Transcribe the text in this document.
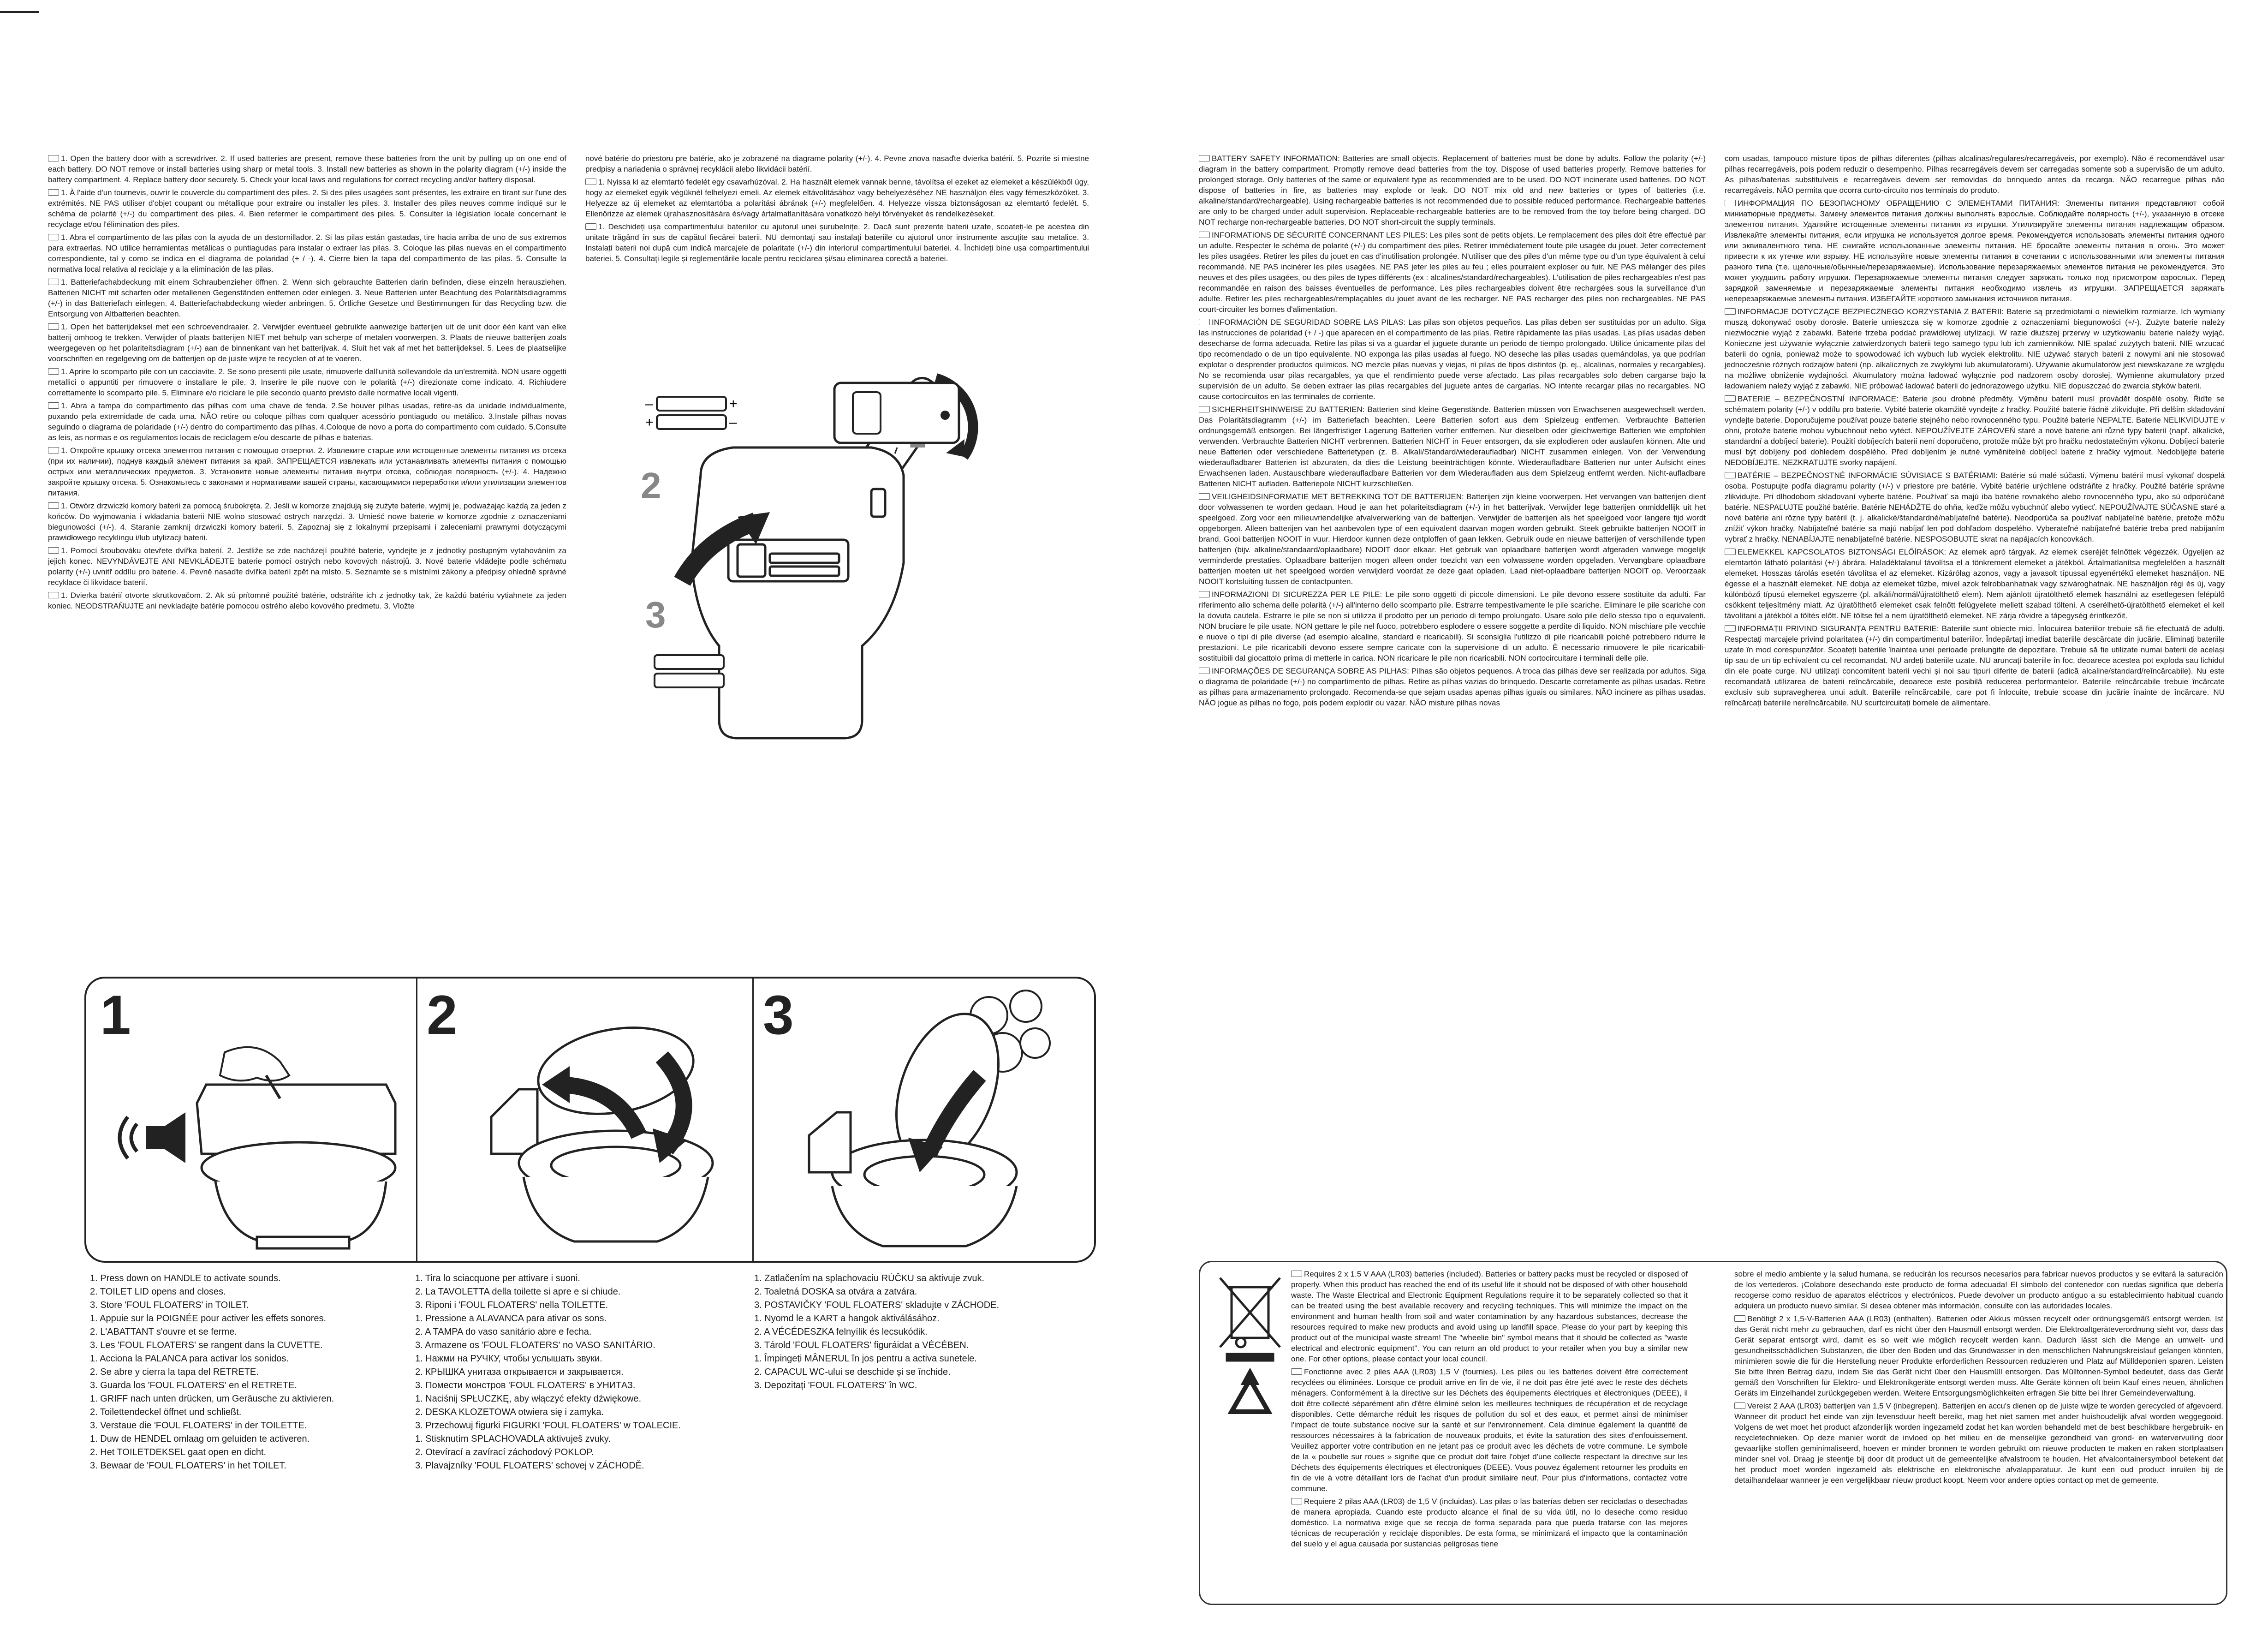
1. Open the battery door with a screwdriver. 2. If used batteries are present, remove these batteries from the unit by pulling up on one end of each battery. DO NOT remove or install batteries using sharp or metal tools. 3. Install new batteries as shown in the polarity diagram (+/-) inside the battery compartment. 4. Replace battery door securely. 5. Check your local laws and regulations for correct recycling and/or battery disposal.

1. À l'aide d'un tournevis, ouvrir le couvercle du compartiment des piles. 2. Si des piles usagées sont présentes, les extraire en tirant sur l'une des extrémités. NE PAS utiliser d'objet coupant ou métallique pour extraire ou installer les piles. 3. Installer des piles neuves comme indiqué sur le schéma de polarité (+/-) du compartiment des piles. 4. Bien refermer le compartiment des piles. 5. Consulter la législation locale concernant le recyclage et/ou l'élimination des piles.

1. Abra el compartimento de las pilas con la ayuda de un destornillador. 2. Si las pilas están gastadas, tire hacia arriba de uno de sus extremos para extraerlas. NO utilice herramientas metálicas o puntiagudas para instalar o extraer las pilas. 3. Coloque las pilas nuevas en el compartimento correspondiente, tal y como se indica en el diagrama de polaridad (+ / -). 4. Cierre bien la tapa del compartimento de las pilas. 5. Consulte la normativa local relativa al reciclaje y a la eliminación de las pilas.

1. Batteriefachabdeckung mit einem Schraubenzieher öffnen. 2. Wenn sich gebrauchte Batterien darin befinden, diese einzeln herausziehen. Batterien NICHT mit scharfen oder metallenen Gegenständen entfernen oder einlegen. 3. Neue Batterien unter Beachtung des Polaritätsdiagramms (+/-) in das Batteriefach einlegen. 4. Batteriefachabdeckung wieder anbringen. 5. Örtliche Gesetze und Bestimmungen für das Recycling bzw. die Entsorgung von Altbatterien beachten.

1. Open het batterijdeksel met een schroevendraaier. 2. Verwijder eventueel gebruikte aanwezige batterijen uit de unit door één kant van elke batterij omhoog te trekken. Verwijder of plaats batterijen NIET met behulp van scherpe of metalen voorwerpen. 3. Plaats de nieuwe batterijen zoals weergegeven op het polariteitsdiagram (+/-) aan de binnenkant van het batterijvak. 4. Sluit het vak af met het batterijdeksel. 5. Lees de plaatselijke voorschriften en regelgeving om de batterijen op de juiste wijze te recyclen of af te voeren.

1. Aprire lo scomparto pile con un cacciavite. 2. Se sono presenti pile usate, rimuoverle dall'unità sollevandole da un'estremità. NON usare oggetti metallici o appuntiti per rimuovere o installare le pile. 3. Inserire le pile nuove con le polarità (+/-) direzionate come indicato. 4. Richiudere correttamente lo scomparto pile. 5. Eliminare e/o riciclare le pile secondo quanto previsto dalle normative locali vigenti.

1. Abra a tampa do compartimento das pilhas com uma chave de fenda. 2.Se houver pilhas usadas, retire-as da unidade individualmente, puxando pela extremidade de cada uma. NÃO retire ou coloque pilhas com qualquer acessório pontiagudo ou metálico. 3.Instale pilhas novas seguindo o diagrama de polaridade (+/-) dentro do compartimento das pilhas. 4.Coloque de novo a porta do compartimento com cuidado. 5.Consulte as leis, as normas e os regulamentos locais de reciclagem e/ou descarte de pilhas e baterias.

1. Откройте крышку отсека элементов питания с помощью отвертки. 2. Извлеките старые или истощенные элементы питания из отсека (при их наличии), поднув каждый элемент питания за край. ЗАПРЕЩАЕТСЯ извлекать или устанавливать элементы питания с помощью острых или металлических предметов. 3. Установите новые элементы питания внутри отсека, соблюдая полярность (+/-). 4. Надежно закройте крышку отсека. 5. Ознакомьтесь с законами и нормативами вашей страны, касающимися переработки и/или утилизации элементов питания.

1. Otwórz drzwiczki komory baterii za pomocą śrubokręta. 2. Jeśli w komorze znajdują się zużyte baterie, wyjmij je, podważając każdą za jeden z końców. Do wyjmowania i wkładania baterii NIE wolno stosować ostrych narzędzi. 3. Umieść nowe baterie w komorze zgodnie z oznaczeniami biegunowości (+/-). 4. Staranie zamknij drzwiczki komory baterii. 5. Zapoznaj się z lokalnymi przepisami i zaleceniami prawnymi dotyczącymi prawidłowego recyklingu i/lub utylizacji baterii.

1. Pomocí šroubováku otevřete dvířka baterií. 2. Jestliže se zde nacházejí použité baterie, vyndejte je z jednotky postupným vytahováním za jejich konec. NEVYNDÁVEJTE ANI NEVKLÁDEJTE baterie pomocí ostrých nebo kovových nástrojů. 3. Nové baterie vkládejte podle schématu polarity (+/-) uvnitř oddílu pro baterie. 4. Pevně nasaďte dvířka baterií zpět na místo. 5. Seznamte se s místními zákony a předpisy ohledně správné recyklace či likvidace baterií.

1. Dvierka batérií otvorte skrutkovačom. 2. Ak sú prítomné použité batérie, odstráňte ich z jednotky tak, že každú batériu vytiahnete za jeden koniec. NEODSTRAŇUJTE ani nevkladajte batérie pomocou ostrého alebo kovového predmetu. 3. Vložte

nové batérie do priestoru pre batérie, ako je zobrazené na diagrame polarity (+/-). 4. Pevne znova nasaďte dvierka batérií. 5. Pozrite si miestne predpisy a nariadenia o správnej recyklácii alebo likvidácii batérií.

1. Nyissa ki az elemtartó fedelét egy csavarhúzóval. 2. Ha használt elemek vannak benne, távolítsa el ezeket az elemeket a készülékből úgy, hogy az elemeket egyik végüknél felhelyezi emeli. Az elemek eltávolításához vagy behelyezéséhez NE használjon éles vagy fémeszközöket. 3. Helyezze az új elemeket az elemtartóba a polaritási ábrának (+/-) megfelelően. 4. Helyezze vissza biztonságosan az elemtartó fedelét. 5. Ellenőrizze az elemek újrahasznosítására és/vagy ártalmatlanítására vonatkozó helyi törvényeket és rendelkezéseket.

1. Deschideți ușa compartimentului bateriilor cu ajutorul unei șurubelnițe. 2. Dacă sunt prezente baterii uzate, scoateți-le pe acestea din unitate trăgând în sus de capătul fiecărei baterii. NU demontați sau instalați bateriile cu ajutorul unor instrumente ascuțite sau metalice. 3. Instalați baterii noi după cum indică marcajele de polaritate (+/-) din interiorul compartimentului bateriei. 4. Închideți bine ușa compartimentului bateriei. 5. Consultați legile și reglementările locale pentru reciclarea și/sau eliminarea corectă a bateriei.

–	+
+	–
2
3

BATTERY SAFETY INFORMATION: Batteries are small objects. Replacement of batteries must be done by adults. Follow the polarity (+/-) diagram in the battery compartment. Promptly remove dead batteries from the toy. Dispose of used batteries properly. Remove batteries for prolonged storage. Only batteries of the same or equivalent type as recommended are to be used. DO NOT incinerate used batteries. DO NOT dispose of batteries in fire, as batteries may explode or leak. DO NOT mix old and new batteries or types of batteries (i.e. alkaline/standard/rechargeable). Using rechargeable batteries is not recommended due to possible reduced performance. Rechargeable batteries are only to be charged under adult supervision. Replaceable-rechargeable batteries are to be removed from the toy before being charged. DO NOT recharge non-rechargeable batteries. DO NOT short-circuit the supply terminals.

INFORMATIONS DE SÉCURITÉ CONCERNANT LES PILES: Les piles sont de petits objets. Le remplacement des piles doit être effectué par un adulte. Respecter le schéma de polarité (+/-) du compartiment des piles. Retirer immédiatement toute pile usagée du jouet. Jeter correctement les piles usagées. Retirer les piles du jouet en cas d'inutilisation prolongée. N'utiliser que des piles d'un même type ou d'un type équivalent à celui recommandé. NE PAS incinérer les piles usagées. NE PAS jeter les piles au feu ; elles pourraient exploser ou fuir. NE PAS mélanger des piles neuves et des piles usagées, ou des piles de types différents (ex : alcalines/standard/rechargeables). L'utilisation de piles rechargeables n'est pas recommandée en raison des baisses éventuelles de performance. Les piles rechargeables doivent être rechargées sous la surveillance d'un adulte. Retirer les piles rechargeables/remplaçables du jouet avant de les recharger. NE PAS recharger des piles non rechargeables. NE PAS court-circuiter les bornes d'alimentation.

INFORMACIÓN DE SEGURIDAD SOBRE LAS PILAS: Las pilas son objetos pequeños. Las pilas deben ser sustituidas por un adulto. Siga las instrucciones de polaridad (+ / -) que aparecen en el compartimento de las pilas. Retire rápidamente las pilas usadas. Las pilas usadas deben desecharse de forma adecuada. Retire las pilas si va a guardar el juguete durante un periodo de tiempo prolongado. Utilice únicamente pilas del tipo recomendado o de un tipo equivalente. NO exponga las pilas usadas al fuego. NO deseche las pilas usadas quemándolas, ya que podrían explotar o desprender productos químicos. NO mezcle pilas nuevas y viejas, ni pilas de tipos distintos (p. ej., alcalinas, normales y recargables). No se recomienda usar pilas recargables, ya que el rendimiento puede verse afectado. Las pilas recargables solo deben cargarse bajo la supervisión de un adulto. Se deben extraer las pilas recargables del juguete antes de cargarlas. NO intente recargar pilas no recargables. NO cause cortocircuitos en las terminales de corriente.

SICHERHEITSHINWEISE ZU BATTERIEN: Batterien sind kleine Gegenstände. Batterien müssen von Erwachsenen ausgewechselt werden. Das Polaritätsdiagramm (+/-) im Batteriefach beachten. Leere Batterien sofort aus dem Spielzeug entfernen. Verbrauchte Batterien ordnungsgemäß entsorgen. Bei längerfristiger Lagerung Batterien vorher entfernen. Nur dieselben oder gleichwertige Batterien wie empfohlen verwenden. Verbrauchte Batterien NICHT verbrennen. Batterien NICHT in Feuer entsorgen, da sie explodieren oder auslaufen können. Alte und neue Batterien oder verschiedene Batterietypen (z. B. Alkali/Standard/wiederaufladbar) NICHT zusammen einlegen. Von der Verwendung wiederaufladbarer Batterien ist abzuraten, da dies die Leistung beeinträchtigen könnte. Wiederaufladbare Batterien nur unter Aufsicht eines Erwachsenen laden. Austauschbare wiederaufladbare Batterien vor dem Wiederaufladen aus dem Spielzeug entfernt werden. Nicht-aufladbare Batterien NICHT aufladen. Batteriepole NICHT kurzschließen.

VEILIGHEIDSINFORMATIE MET BETREKKING TOT DE BATTERIJEN: Batterijen zijn kleine voorwerpen. Het vervangen van batterijen dient door volwassenen te worden gedaan. Houd je aan het polariteitsdiagram (+/-) in het batterijvak. Verwijder lege batterijen onmiddellijk uit het speelgoed. Zorg voor een milieuvriendelijke afvalverwerking van de batterijen. Verwijder de batterijen als het speelgoed voor langere tijd wordt opgeborgen. Alleen batterijen van het aanbevolen type of een equivalent daarvan mogen worden gebruikt. Steek gebruikte batterijen NOOIT in brand. Gooi batterijen NOOIT in vuur. Hierdoor kunnen deze ontploffen of gaan lekken. Gebruik oude en nieuwe batterijen of verschillende typen batterijen (bijv. alkaline/standaard/oplaadbare) NOOIT door elkaar. Het gebruik van oplaadbare batterijen wordt afgeraden vanwege mogelijk verminderde prestaties. Oplaadbare batterijen mogen alleen onder toezicht van een volwassene worden opgeladen. Vervangbare oplaadbare batterijen moeten uit het speelgoed worden verwijderd voordat ze deze gaat opladen. Laad niet-oplaadbare batterijen NOOIT op. Veroorzaak NOOIT kortsluiting tussen de contactpunten.

INFORMAZIONI DI SICUREZZA PER LE PILE: Le pile sono oggetti di piccole dimensioni. Le pile devono essere sostituite da adulti. Far riferimento allo schema delle polarità (+/-) all'interno dello scomparto pile. Estrarre tempestivamente le pile scariche. Eliminare le pile scariche con la dovuta cautela. Estrarre le pile se non si utilizza il prodotto per un periodo di tempo prolungato. Usare solo pile dello stesso tipo o equivalenti. NON bruciare le pile usate. NON gettare le pile nel fuoco, potrebbero esplodere o essere soggette a perdite di liquido. NON mischiare pile vecchie e nuove o tipi di pile diverse (ad esempio alcaline, standard e ricaricabili). Si sconsiglia l'utilizzo di pile ricaricabili poiché potrebbero ridurre le prestazioni. Le pile ricaricabili devono essere sempre caricate con la supervisione di un adulto. È necessario rimuovere le pile ricaricabili-sostituibili dal giocattolo prima di metterle in carica. NON ricaricare le pile non ricaricabili. NON cortocircuitare i terminali delle pile.

INFORMAÇÕES DE SEGURANÇA SOBRE AS PILHAS: Pilhas são objetos pequenos. A troca das pilhas deve ser realizada por adultos. Siga o diagrama de polaridade (+/-) no compartimento de pilhas. Retire as pilhas vazias do brinquedo. Descarte corretamente as pilhas usadas. Retire as pilhas para armazenamento prolongado. Recomenda-se que sejam usadas apenas pilhas iguais ou similares. NÃO incinere as pilhas usadas. NÃO jogue as pilhas no fogo, pois podem explodir ou vazar. NÃO misture pilhas novas

com usadas, tampouco misture tipos de pilhas diferentes (pilhas alcalinas/regulares/recarregáveis, por exemplo). Não é recomendável usar pilhas recarregáveis, pois podem reduzir o desempenho. Pilhas recarregáveis devem ser carregadas somente sob a supervisão de um adulto. As pilhas/baterias substituíveis e recarregáveis devem ser removidas do brinquedo antes da recarga. NÃO recarregue pilhas não recarregáveis. NÃO permita que ocorra curto-circuito nos terminais do produto.

ИНФОРМАЦИЯ ПО БЕЗОПАСНОМУ ОБРАЩЕНИЮ С ЭЛЕМЕНТАМИ ПИТАНИЯ: Элементы питания представляют собой миниатюрные предметы. Замену элементов питания должны выполнять взрослые. Соблюдайте полярность (+/-), указанную в отсеке элементов питания. Удаляйте истощенные элементы питания из игрушки. Утилизируйте элементы питания надлежащим образом. Извлекайте элементы питания, если игрушка не используется долгое время. Рекомендуется использовать элементы питания одного или эквивалентного типа. НЕ сжигайте использованные элементы питания. НЕ бросайте элементы питания в огонь. Это может привести к их утечке или взрыву. НЕ используйте новые элементы питания в сочетании с использованными или элементы питания разного типа (т.е. щелочные/обычные/перезаряжаемые). Использование перезаряжаемых элементов питания не рекомендуется. Это может ухудшить работу игрушки. Перезаряжаемые элементы питания следует заряжать только под присмотром взрослых. Перед зарядкой заменяемые и перезаряжаемые элементы питания необходимо извлечь из игрушки. ЗАПРЕЩАЕТСЯ заряжать неперезаряжаемые элементы питания. ИЗБЕГАЙТЕ короткого замыкания источников питания.

INFORMACJE DOTYCZĄCE BEZPIECZNEGO KORZYSTANIA Z BATERII: Baterie są przedmiotami o niewielkim rozmiarze. Ich wymiany muszą dokonywać osoby dorosłe. Baterie umieszcza się w komorze zgodnie z oznaczeniami biegunowości (+/-). Zużyte baterie należy niezwłocznie wyjąć z zabawki. Baterie trzeba poddać prawidłowej utylizacji. W razie dłuższej przerwy w użytkowaniu baterie należy wyjąć. Konieczne jest używanie wyłącznie zatwierdzonych baterii tego samego typu lub ich zamienników. NIE spalać zużytych baterii. NIE wrzucać baterii do ognia, ponieważ może to spowodować ich wybuch lub wyciek elektrolitu. NIE używać starych baterii z nowymi ani nie stosować jednocześnie różnych rodzajów baterii (np. alkalicznych ze zwykłymi lub akumulatorami). Używanie akumulatorów jest niewskazane ze względu na możliwe obniżenie wydajności. Akumulatory można ładować wyłącznie pod nadzorem osoby dorosłej. Wymienne akumulatory przed ładowaniem należy wyjąć z zabawki. NIE próbować ładować baterii do jednorazowego użytku. NIE dopuszczać do zwarcia styków baterii.

BATERIE – BEZPEČNOSTNÍ INFORMACE: Baterie jsou drobné předměty. Výměnu baterií musí provádět dospělé osoby. Řiďte se schématem polarity (+/-) v oddílu pro baterie. Vybité baterie okamžitě vyndejte z hračky. Použité baterie řádně zlikvidujte. Při delším skladování vyndejte baterie. Doporučujeme používat pouze baterie stejného nebo rovnocenného typu. Použité baterie NEPALTE. Baterie NELIKVIDUJTE v ohni, protože baterie mohou vybuchnout nebo vytéct. NEPOUŽÍVEJTE ZÁROVEŇ staré a nové baterie ani různé typy baterií (např. alkalické, standardní a dobíjecí baterie). Použití dobíjecích baterií není doporučeno, protože může být pro hračku nedostatečným výkonu. Dobíjecí baterie musí být dobíjeny pod dohledem dospělého. Před dobíjením je nutné vyměnitelné dobíjecí baterie z hračky vyjmout. Nedobíjejte baterie NEDOBÍJEJTE. NEZKRATUJTE svorky napájení.

BATÉRIE – BEZPEČNOSTNÉ INFORMÁCIE SÚVISIACE S BATÉRIAMI: Batérie sú malé súčasti. Výmenu batérií musí vykonať dospelá osoba. Postupujte podľa diagramu polarity (+/-) v priestore pre batérie. Vybité batérie urýchlene odstráňte z hračky. Použité batérie správne zlikvidujte. Pri dlhodobom skladovaní vyberte batérie. Používať sa majú iba batérie rovnakého alebo rovnocenného typu, ako sú odporúčané batérie. NESPAĽUJTE použité batérie. Batérie NEHÁDŽTE do ohňa, keďže môžu vybuchnúť alebo vytiecť. NEPOUŽÍVAJTE SÚČASNE staré a nové batérie ani rôzne typy batérií (t. j. alkalické/štandardné/nabíjateľné batérie). Neodporúča sa používať nabíjateľné batérie, pretože môžu znížiť výkon hračky. Nabíjateľné batérie sa majú nabíjať len pod dohľadom dospelého. Vyberateľné nabíjateľné batérie treba pred nabíjaním vybrať z hračky. NENABÍJAJTE nenabíjateľné batérie. NESPOSOBUJTE skrat na napájacích koncovkách.

ELEMEKKEL KAPCSOLATOS BIZTONSÁGI ELŐÍRÁSOK: Az elemek apró tárgyak. Az elemek cseréjét felnőttek végezzék. Ügyeljen az elemtartón látható polaritási (+/-) ábrára. Haladéktalanul távolítsa el a tönkrement elemeket a játékból. Ártalmatlanítsa megfelelően a használt elemeket. Hosszas tárolás esetén távolítsa el az elemeket. Kizárólag azonos, vagy a javasolt típussal egyenértékű elemeket használjon. NE égesse el a használt elemeket. NE dobja az elemeket tűzbe, mivel azok felrobbanhatnak vagy szivároghatnak. NE használjon régi és új, vagy különböző típusú elemeket egyszerre (pl. alkáli/normál/újratölthető elem). Nem ajánlott újratölthető elemek használni az esetlegesen felépülő csökkent teljesítmény miatt. Az újratölthető elemeket csak felnőtt felügyelete mellett szabad tölteni. A cserélhető-újratölthető elemeket el kell távolítani a játékból a töltés előtt. NE töltse fel a nem újratölthető elemeket. NE zárja rövidre a tápegység érintkezőit.

INFORMAȚII PRIVIND SIGURANȚA PENTRU BATERIE: Bateriile sunt obiecte mici. Înlocuirea bateriilor trebuie să fie efectuată de adulți. Respectați marcajele privind polaritatea (+/-) din compartimentul bateriilor. Îndepărtați imediat bateriile descărcate din jucărie. Eliminați bateriile uzate în mod corespunzător. Scoateți bateriile înaintea unei perioade prelungite de depozitare. Trebuie să fie utilizate numai baterii de același tip sau de un tip echivalent cu cel recomandat. NU ardeți bateriile uzate. NU aruncați bateriile în foc, deoarece acestea pot exploda sau lichidul din ele poate curge. NU utilizați concomitent baterii vechi și noi sau tipuri diferite de baterii (adică alcaline/standard/reîncărcabile). Nu este recomandată utilizarea de baterii reîncărcabile, deoarece este posibilă reducerea performanțelor. Bateriile reîncărcabile trebuie încărcate exclusiv sub supravegherea unui adult. Bateriile reîncărcabile, care pot fi înlocuite, trebuie scoase din jucărie înainte de încărcare. NU reîncărcați bateriile nereîncărcabile. NU scurtcircuitați bornele de alimentare.

1	2	3
1. Press down on HANDLE to activate sounds.
2. TOILET LID opens and closes.
3. Store 'FOUL FLOATERS' in TOILET.
1. Appuie sur la POIGNÉE pour activer les effets sonores.
2. L'ABATTANT s'ouvre et se ferme.
3. Les 'FOUL FLOATERS' se rangent dans la CUVETTE.
1. Acciona la PALANCA para activar los sonidos.
2. Se abre y cierra la tapa del RETRETE.
3. Guarda los 'FOUL FLOATERS' en el RETRETE.
1. GRIFF nach unten drücken, um Geräusche zu aktivieren.
2. Toilettendeckel öffnet und schließt.
3. Verstaue die 'FOUL FLOATERS' in der TOILETTE.
1. Duw de HENDEL omlaag om geluiden te activeren.
2. Het TOILETDEKSEL gaat open en dicht.
3. Bewaar de 'FOUL FLOATERS' in het TOILET.
1. Tira lo sciacquone per attivare i suoni.
2. La TAVOLETTA della toilette si apre e si chiude.
3. Riponi i 'FOUL FLOATERS' nella TOILETTE.
1. Pressione a ALAVANCA para ativar os sons.
2. A TAMPA do vaso sanitário abre e fecha.
3. Armazene os 'FOUL FLOATERS' no VASO SANITÁRIO.
1. Нажми на РУЧКУ, чтобы услышать звуки.
2. КРЫШКА унитаза открывается и закрывается.
3. Помести монстров 'FOUL FLOATERS' в УНИТАЗ.
1. Naciśnij SPŁUCZKĘ, aby włączyć efekty dźwiękowe.
2. DESKA KLOZETOWA otwiera się i zamyka.
3. Przechowuj figurki FIGURKI 'FOUL FLOATERS' w TOALECIE.
1. Stisknutím SPLACHOVADLA aktivuješ zvuky.
2. Otevírací a zavírací záchodový POKLOP.
3. Plavajzníky 'FOUL FLOATERS' schovej v ZÁCHODĚ.
1. Zatlačením na splachovaciu RÚČKU sa aktivuje zvuk.
2. Toaletná DOSKA sa otvára a zatvára.
3. POSTAVIČKY 'FOUL FLOATERS' skladujte v ZÁCHODE.
1. Nyomd le a KART a hangok aktiválásához.
2. A VÉCÉDESZKA felnyílik és lecsukódik.
3. Tárold 'FOUL FLOATERS' figuráidat a VÉCÉBEN.
1. Împingeți MÂNERUL în jos pentru a activa sunetele.
2. CAPACUL WC-ului se deschide și se închide.
3. Depozitați 'FOUL FLOATERS' în WC.

Requires 2 x 1.5 V AAA (LR03) batteries (included). Batteries or battery packs must be recycled or disposed of properly. When this product has reached the end of its useful life it should not be disposed of with other household waste. The Waste Electrical and Electronic Equipment Regulations require it to be separately collected so that it can be treated using the best available recovery and recycling techniques. This will minimize the impact on the environment and human health from soil and water contamination by any hazardous substances, decrease the resources required to make new products and avoid using up landfill space. Please do your part by keeping this product out of the municipal waste stream! The "wheelie bin" symbol means that it should be collected as "waste electrical and electronic equipment". You can return an old product to your retailer when you buy a similar new one. For other options, please contact your local council.

Fonctionne avec 2 piles AAA (LR03) 1,5 V (fournies). Les piles ou les batteries doivent être correctement recyclées ou éliminées. Lorsque ce produit arrive en fin de vie, il ne doit pas être jeté avec le reste des déchets ménagers. Conformément à la directive sur les Déchets des équipements électriques et électroniques (DEEE), il doit être collecté séparément afin d'être éliminé selon les meilleures techniques de récupération et de recyclage disponibles. Cette démarche réduit les risques de pollution du sol et des eaux, et permet ainsi de minimiser l'impact de toute substance nocive sur la santé et sur l'environnement. Cela diminue également la quantité de ressources nécessaires à la fabrication de nouveaux produits, et évite la saturation des sites d'enfouissement. Veuillez apporter votre contribution en ne jetant pas ce produit avec les déchets de votre commune. Le symbole de la « poubelle sur roues » signifie que ce produit doit faire l'objet d'une collecte respectant la directive sur les Déchets des équipements électriques et électroniques (DEEE). Vous pouvez également retourner les produits en fin de vie à votre détaillant lors de l'achat d'un produit similaire neuf. Pour plus d'informations, contactez votre commune.

Requiere 2 pilas AAA (LR03) de 1,5 V (incluidas). Las pilas o las baterías deben ser recicladas o desechadas de manera apropiada. Cuando este producto alcance el final de su vida útil, no lo deseche como residuo doméstico. La normativa exige que se recoja de forma separada para que pueda tratarse con las mejores técnicas de recuperación y reciclaje disponibles. De esta forma, se minimizará el impacto que la contaminación del suelo y el agua causada por sustancias peligrosas tiene

sobre el medio ambiente y la salud humana, se reducirán los recursos necesarios para fabricar nuevos productos y se evitará la saturación de los vertederos. ¡Colabore desechando este producto de forma adecuada! El símbolo del contenedor con ruedas significa que debería recogerse como residuo de aparatos eléctricos y electrónicos. Puede devolver un producto antiguo a su establecimiento habitual cuando adquiera un producto nuevo similar. Si desea obtener más información, consulte con las autoridades locales.

Benötigt 2 x 1,5-V-Batterien AAA (LR03) (enthalten). Batterien oder Akkus müssen recycelt oder ordnungsgemäß entsorgt werden. Ist das Gerät nicht mehr zu gebrauchen, darf es nicht über den Hausmüll entsorgt werden. Die Elektroaltgeräteverordnung sieht vor, dass das Gerät separat entsorgt wird, damit es so weit wie möglich recycelt werden kann. Dadurch lässt sich die Menge an umwelt- und gesundheitsschädlichen Substanzen, die über den Boden und das Grundwasser in den menschlichen Nahrungskreislauf gelangen könnten, minimieren sowie die für die Herstellung neuer Produkte erforderlichen Ressourcen reduzieren und Platz auf Mülldeponien sparen. Leisten Sie bitte Ihren Beitrag dazu, indem Sie das Gerät nicht über den Hausmüll entsorgen. Das Mülltonnen-Symbol bedeutet, dass das Gerät gemäß den Vorschriften für Elektro- und Elektronikgeräte entsorgt werden muss. Alte Geräte können oft beim Kauf eines neuen, ähnlichen Geräts im Einzelhandel zurückgegeben werden. Weitere Entsorgungsmöglichkeiten erfragen Sie bitte bei Ihrer Gemeindeverwaltung.

Vereist 2 AAA (LR03) batterijen van 1,5 V (inbegrepen). Batterijen en accu's dienen op de juiste wijze te worden gerecycled of afgevoerd. Wanneer dit product het einde van zijn levensduur heeft bereikt, mag het niet samen met ander huishoudelijk afval worden weggegooid. Volgens de wet moet het product afzonderlijk worden ingezameld zodat het kan worden behandeld met de best beschikbare hergebruik- en recycletechnieken. Op deze manier wordt de invloed op het milieu en de menselijke gezondheid van grond- en watervervuiling door gevaarlijke stoffen geminimaliseerd, hoeven er minder bronnen te worden gebruikt om nieuwe producten te maken en raken stortplaatsen minder snel vol. Draag je steentje bij door dit product uit de gemeentelijke afvalstroom te houden. Het afvalcontainersymbool betekent dat het product moet worden ingezameld als elektrische en elektronische afvalapparatuur. Je kunt een oud product inruilen bij de detailhandelaar wanneer je een vergelijkbaar nieuw product koopt. Neem voor andere opties contact op met de gemeente.
